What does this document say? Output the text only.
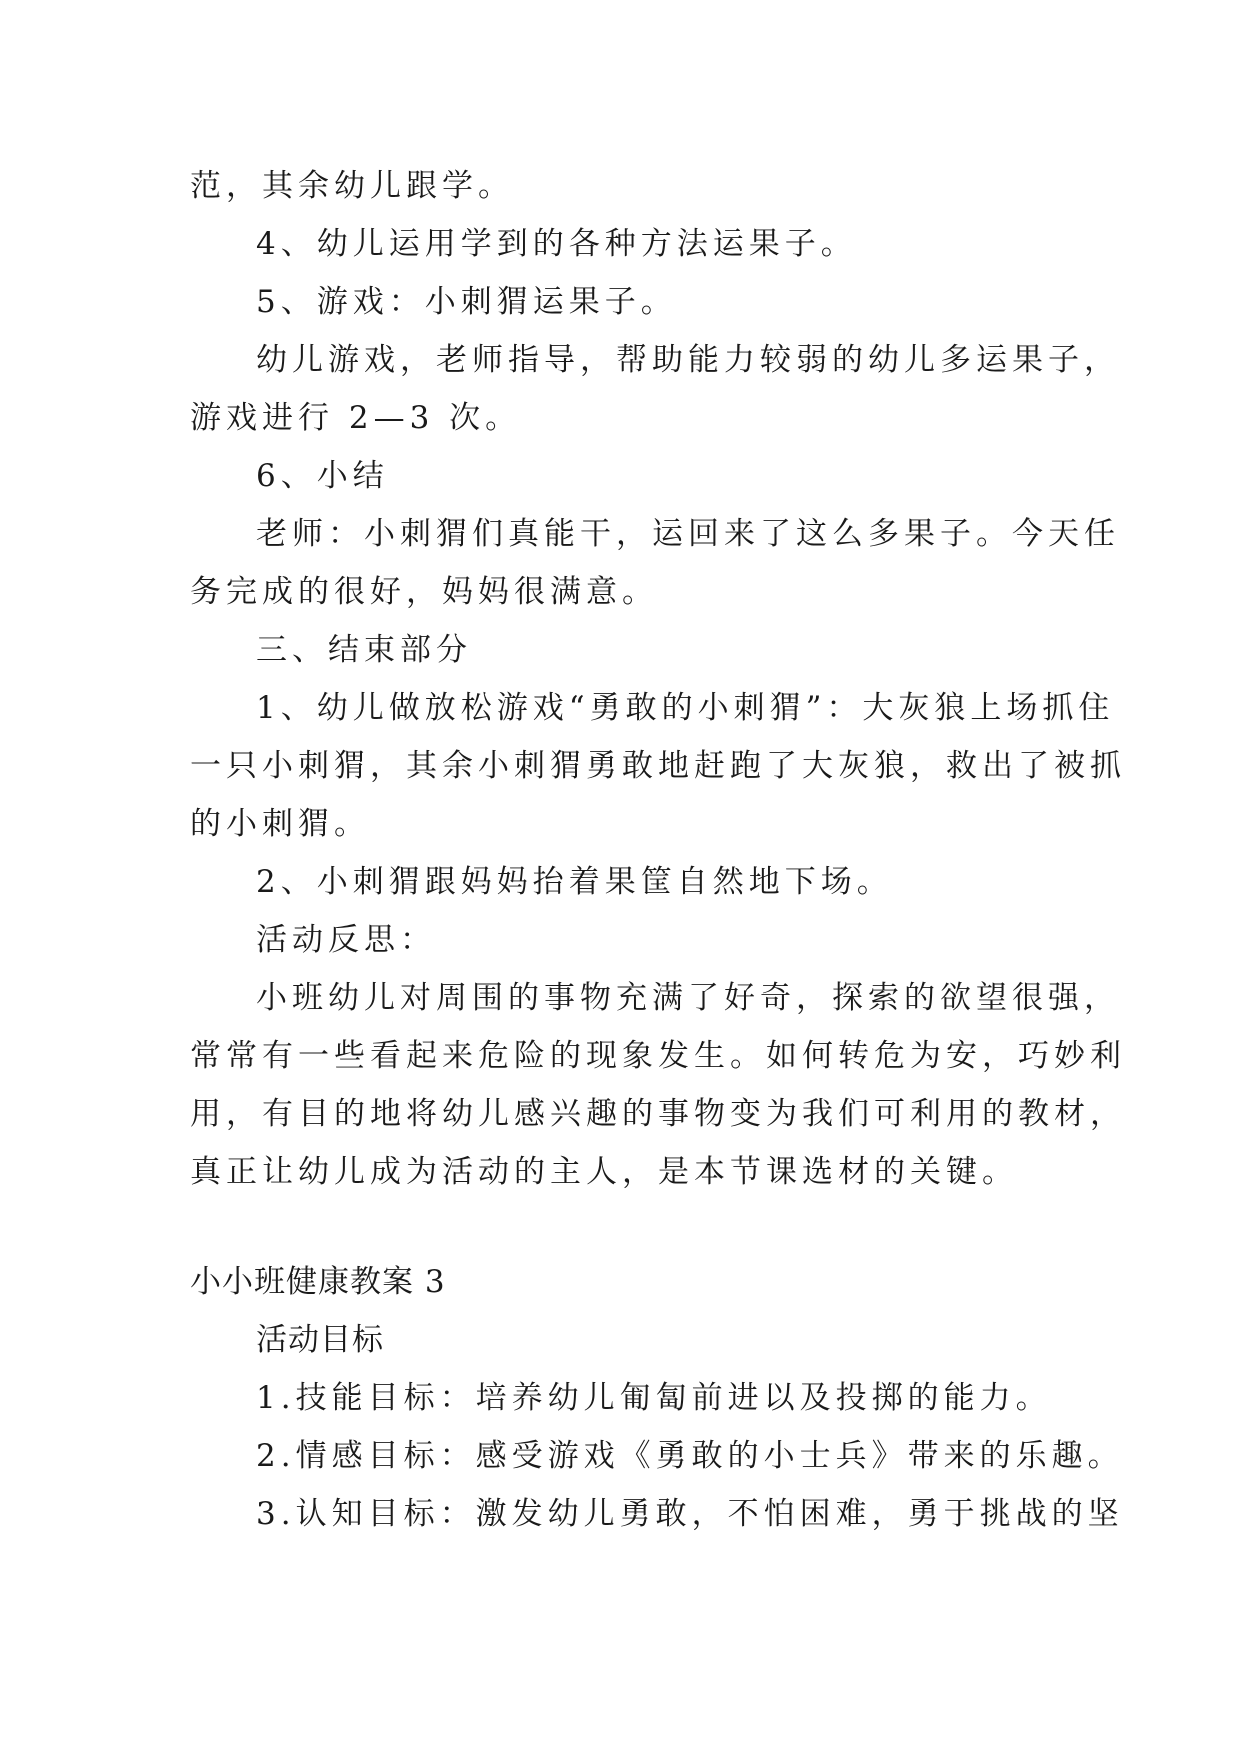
范，其余幼儿跟学。
4、幼儿运用学到的各种方法运果子。
5、游戏：小刺猬运果子。
幼儿游戏，老师指导，帮助能力较弱的幼儿多运果子，
游戏进行 2—3 次。
6、小结
老师：小刺猬们真能干，运回来了这么多果子。今天任
务完成的很好，妈妈很满意。
三、结束部分
1、幼儿做放松游戏“勇敢的小刺猬”：大灰狼上场抓住
一只小刺猬，其余小刺猬勇敢地赶跑了大灰狼，救出了被抓
的小刺猬。
2、小刺猬跟妈妈抬着果筐自然地下场。
活动反思：
小班幼儿对周围的事物充满了好奇，探索的欲望很强，
常常有一些看起来危险的现象发生。如何转危为安，巧妙利
用，有目的地将幼儿感兴趣的事物变为我们可利用的教材，
真正让幼儿成为活动的主人，是本节课选材的关键。
小小班健康教案 3
活动目标
1.技能目标：培养幼儿匍匐前进以及投掷的能力。
2.情感目标：感受游戏《勇敢的小士兵》带来的乐趣。
3.认知目标：激发幼儿勇敢，不怕困难，勇于挑战的坚
